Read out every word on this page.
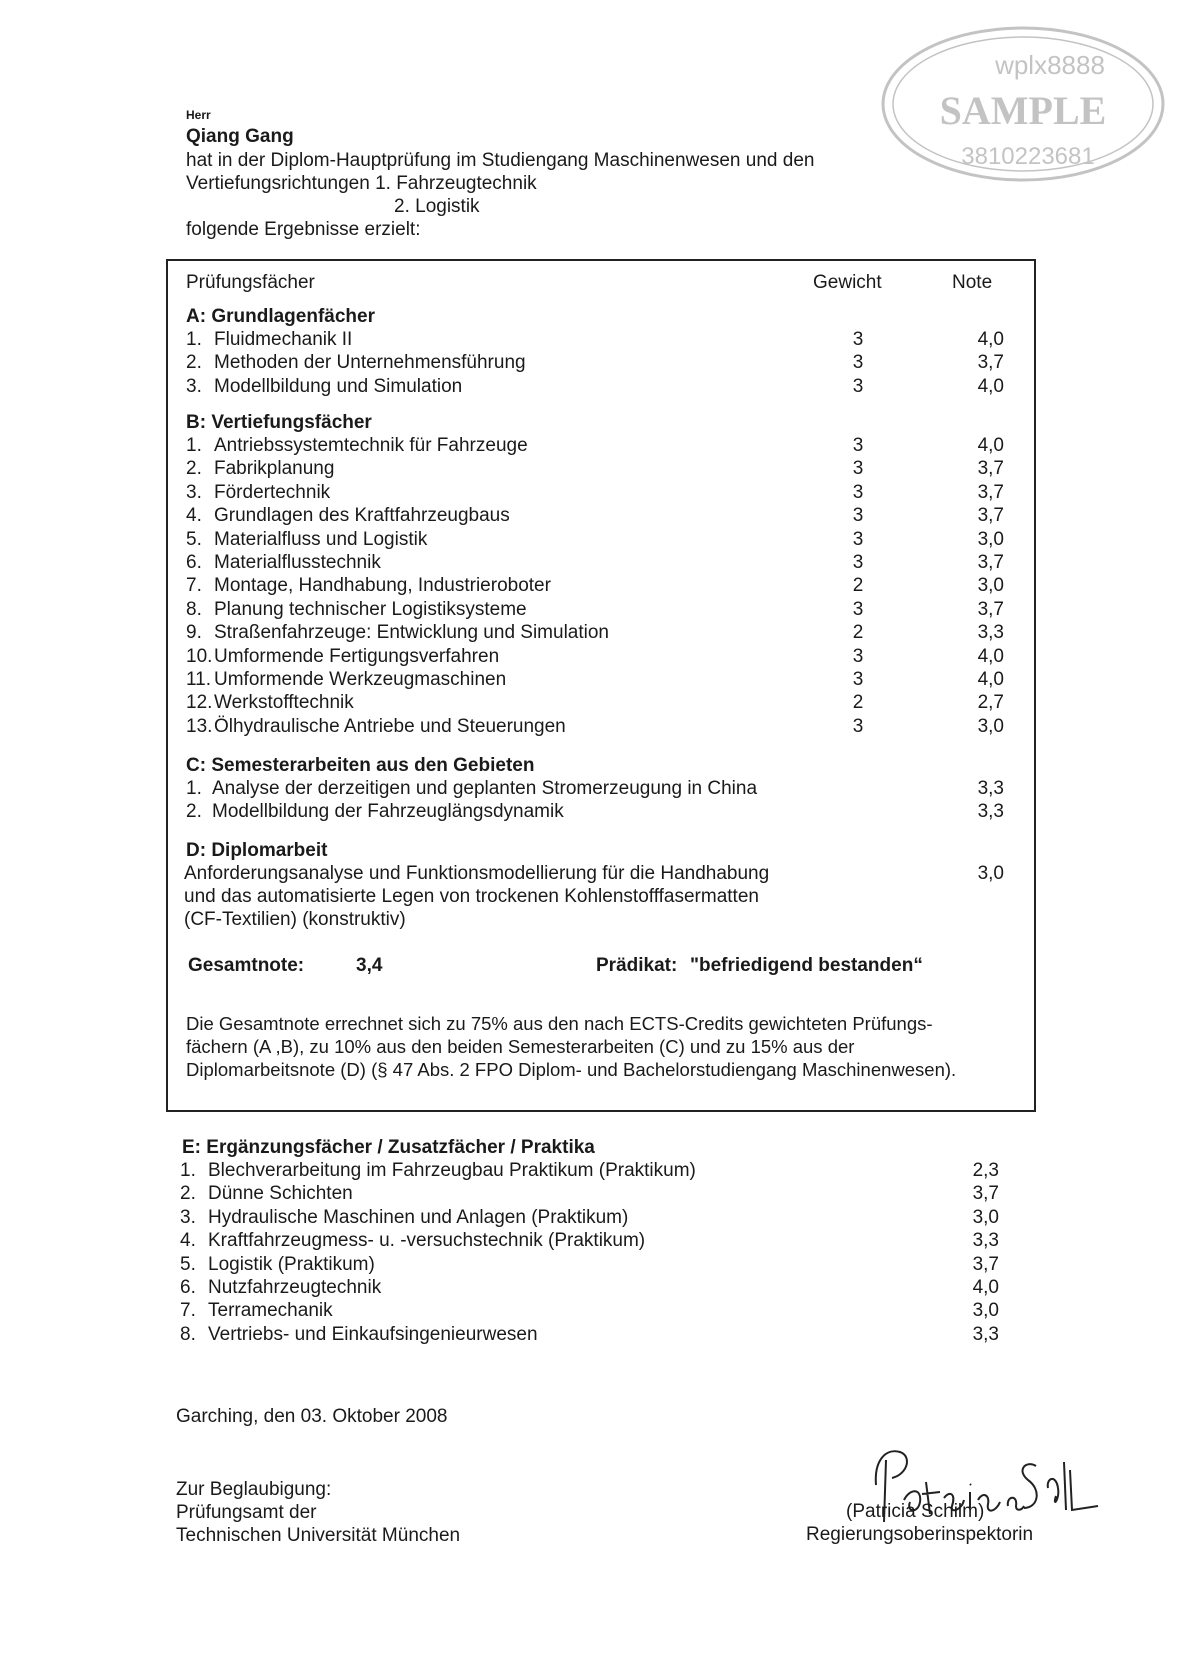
Herr
Qiang Gang
hat in der Diplom-Hauptprüfung im Studiengang Maschinenwesen und den
Vertiefungsrichtungen 1. Fahrzeugtechnik
2. Logistik
folgende Ergebnisse erzielt:
wplx8888
SAMPLE
3810223681
Prüfungsfächer	Gewicht	Note
A: Grundlagenfächer
1. Fluidmechanik II	3	4,0
2. Methoden der Unternehmensführung	3	3,7
3. Modellbildung und Simulation	3	4,0
B: Vertiefungsfächer
1. Antriebssystemtechnik für Fahrzeuge	3	4,0
2. Fabrikplanung	3	3,7
3. Fördertechnik	3	3,7
4. Grundlagen des Kraftfahrzeugbaus	3	3,7
5. Materialfluss und Logistik	3	3,0
6. Materialflusstechnik	3	3,7
7. Montage, Handhabung, Industrieroboter	2	3,0
8. Planung technischer Logistiksysteme	3	3,7
9. Straßenfahrzeuge: Entwicklung und Simulation	2	3,3
10. Umformende Fertigungsverfahren	3	4,0
11. Umformende Werkzeugmaschinen	3	4,0
12. Werkstofftechnik	2	2,7
13. Ölhydraulische Antriebe und Steuerungen	3	3,0
C: Semesterarbeiten aus den Gebieten
1. Analyse der derzeitigen und geplanten Stromerzeugung in China	3,3
2. Modellbildung der Fahrzeuglängsdynamik	3,3
D: Diplomarbeit
Anforderungsanalyse und Funktionsmodellierung für die Handhabung
und das automatisierte Legen von trockenen Kohlenstofffasermatten
(CF-Textilien) (konstruktiv)
3,0
Gesamtnote:	3,4	Prädikat: "befriedigend bestanden“
Die Gesamtnote errechnet sich zu 75% aus den nach ECTS-Credits gewichteten Prüfungs-
fächern (A ,B), zu 10% aus den beiden Semesterarbeiten (C) und zu 15% aus der
Diplomarbeitsnote (D) (§ 47 Abs. 2 FPO Diplom- und Bachelorstudiengang Maschinenwesen).
E: Ergänzungsfächer / Zusatzfächer / Praktika
1. Blechverarbeitung im Fahrzeugbau Praktikum (Praktikum)	2,3
2. Dünne Schichten	3,7
3. Hydraulische Maschinen und Anlagen (Praktikum)	3,0
4. Kraftfahrzeugmess- u. -versuchstechnik (Praktikum)	3,3
5. Logistik (Praktikum)	3,7
6. Nutzfahrzeugtechnik	4,0
7. Terramechanik	3,0
8. Vertriebs- und Einkaufsingenieurwesen	3,3
Garching, den 03. Oktober 2008
Zur Beglaubigung:
Prüfungsamt der
Technischen Universität München
(Patricia Schilm)
Regierungsoberinspektorin
